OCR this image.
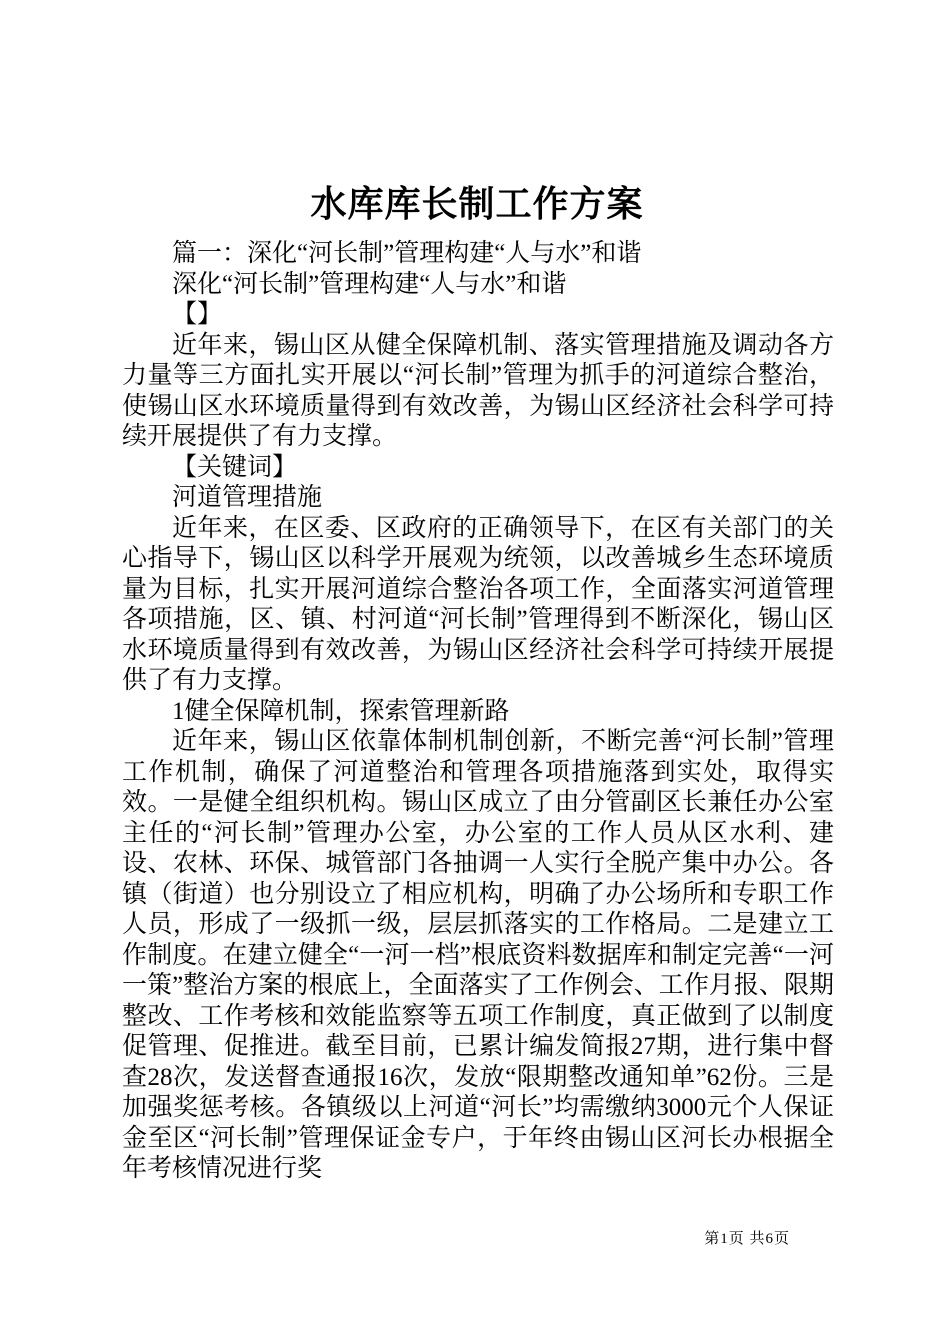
水库库长制工作方案

篇一：深化“河长制”管理构建“人与水”和谐

深化“河长制”管理构建“人与水”和谐

【】

近年来，锡山区从健全保障机制、落实管理措施及调动各方力量等三方面扎实开展以“河长制”管理为抓手的河道综合整治，使锡山区水环境质量得到有效改善，为锡山区经济社会科学可持续开展提供了有力支撑。

【关键词】

河道管理措施

近年来，在区委、区政府的正确领导下，在区有关部门的关心指导下，锡山区以科学开展观为统领，以改善城乡生态环境质量为目标，扎实开展河道综合整治各项工作，全面落实河道管理各项措施，区、镇、村河道“河长制”管理得到不断深化，锡山区水环境质量得到有效改善，为锡山区经济社会科学可持续开展提供了有力支撑。

1健全保障机制，探索管理新路

近年来，锡山区依靠体制机制创新，不断完善“河长制”管理工作机制，确保了河道整治和管理各项措施落到实处，取得实效。一是健全组织机构。锡山区成立了由分管副区长兼任办公室主任的“河长制”管理办公室，办公室的工作人员从区水利、建设、农林、环保、城管部门各抽调一人实行全脱产集中办公。各镇（街道）也分别设立了相应机构，明确了办公场所和专职工作人员，形成了一级抓一级，层层抓落实的工作格局。二是建立工作制度。在建立健全“一河一档”根底资料数据库和制定完善“一河一策”整治方案的根底上，全面落实了工作例会、工作月报、限期整改、工作考核和效能监察等五项工作制度，真正做到了以制度促管理、促推进。截至目前，已累计编发简报27期，进行集中督查28次，发送督查通报16次，发放“限期整改通知单”62份。三是加强奖惩考核。各镇级以上河道“河长”均需缴纳3000元个人保证金至区“河长制”管理保证金专户，于年终由锡山区河长办根据全年考核情况进行奖

第1页 共6页
